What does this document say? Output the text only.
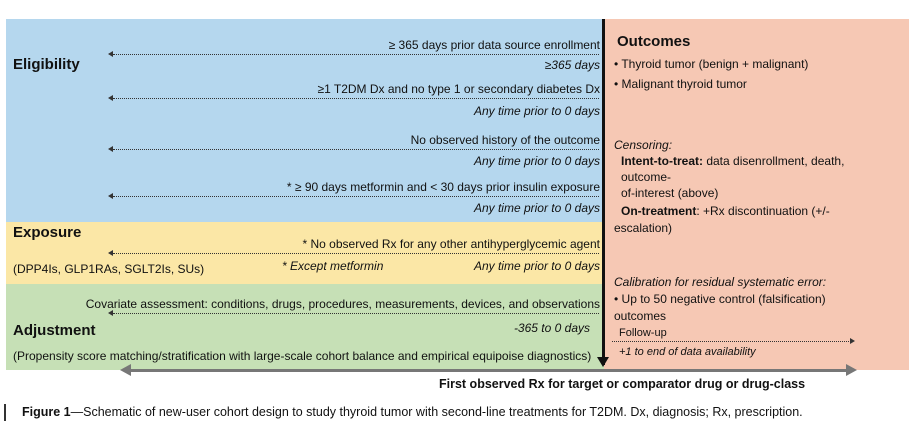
Eligibility
≥ 365 days prior data source enrollment
≥365 days
≥1 T2DM Dx and no type 1 or secondary diabetes Dx
Any time prior to 0 days
No observed history of the outcome
Any time prior to 0 days
* ≥ 90 days metformin and < 30 days prior insulin exposure
Any time prior to 0 days
Exposure
* No observed Rx for any other antihyperglycemic agent
(DPP4Is, GLP1RAs, SGLT2Is, SUs)	* Except metformin	Any time prior to 0 days
Covariate assessment: conditions, drugs, procedures, measurements, devices, and observations
Adjustment	-365 to 0 days
(Propensity score matching/stratification with large-scale cohort balance and empirical equipoise diagnostics)
Outcomes
• Thyroid tumor (benign + malignant)
• Malignant thyroid tumor
Censoring:
Intent-to-treat: data disenrollment, death,
outcome-
of-interest (above)
On-treatment: +Rx discontinuation (+/-
escalation)
Calibration for residual systematic error:
• Up to 50 negative control (falsification)
outcomes
Follow-up
+1 to end of data availability
First observed Rx for target or comparator drug or drug-class
Figure 1—Schematic of new-user cohort design to study thyroid tumor with second-line treatments for T2DM. Dx, diagnosis; Rx, prescription.
